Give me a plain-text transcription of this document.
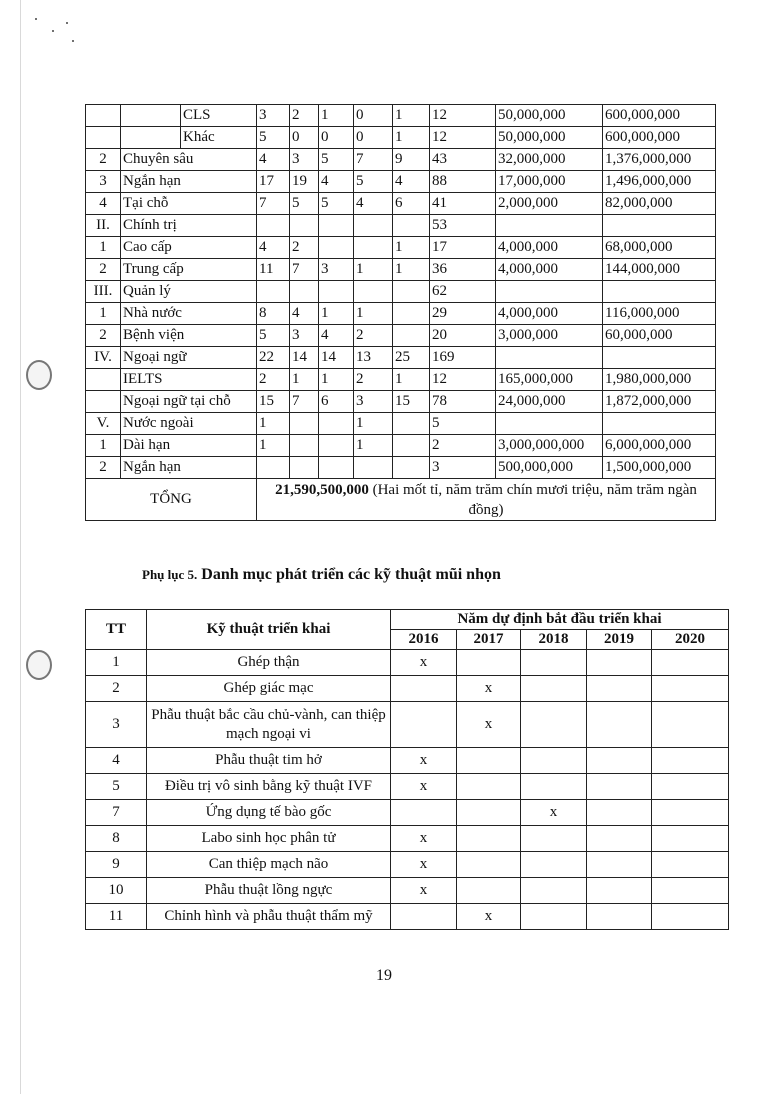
		CLS	3	2	1	0	1	12	50,000,000	600,000,000
		Khác	5	0	0	0	1	12	50,000,000	600,000,000
2	Chuyên sâu		4	3	5	7	9	43	32,000,000	1,376,000,000
3	Ngắn hạn		17	19	4	5	4	88	17,000,000	1,496,000,000
4	Tại chỗ		7	5	5	4	6	41	2,000,000	82,000,000
II.	Chính trị							53		
1	Cao cấp		4	2			1	17	4,000,000	68,000,000
2	Trung cấp		11	7	3	1	1	36	4,000,000	144,000,000
III.	Quản lý							62		
1	Nhà nước		8	4	1	1		29	4,000,000	116,000,000
2	Bệnh viện		5	3	4	2		20	3,000,000	60,000,000
IV.	Ngoại ngữ		22	14	14	13	25	169		
	IELTS		2	1	1	2	1	12	165,000,000	1,980,000,000
	Ngoại ngữ tại chỗ		15	7	6	3	15	78	24,000,000	1,872,000,000
V.	Nước ngoài		1			1		5		
1	Dài hạn		1			1		2	3,000,000,000	6,000,000,000
2	Ngắn hạn							3	500,000,000	1,500,000,000
TỔNG			21,590,500,000 (Hai mốt tỉ, năm trăm chín mươi triệu, năm trăm ngàn đồng)							
Phụ lục 5. Danh mục phát triển các kỹ thuật mũi nhọn
TT	Kỹ thuật triển khai	Năm dự định bắt đầu triển khai				
		2016	2017	2018	2019	2020
1	Ghép thận	x				
2	Ghép giác mạc		x			
3	Phẫu thuật bắc cầu chủ-vành, can thiệp mạch ngoại vi		x			
4	Phẫu thuật tim hở	x				
5	Điều trị vô sinh bằng kỹ thuật IVF	x				
7	Ứng dụng tế bào gốc			x		
8	Labo sinh học phân tử	x				
9	Can thiệp mạch não	x				
10	Phẫu thuật lồng ngực	x				
11	Chỉnh hình và phẫu thuật thẩm mỹ		x			
19
